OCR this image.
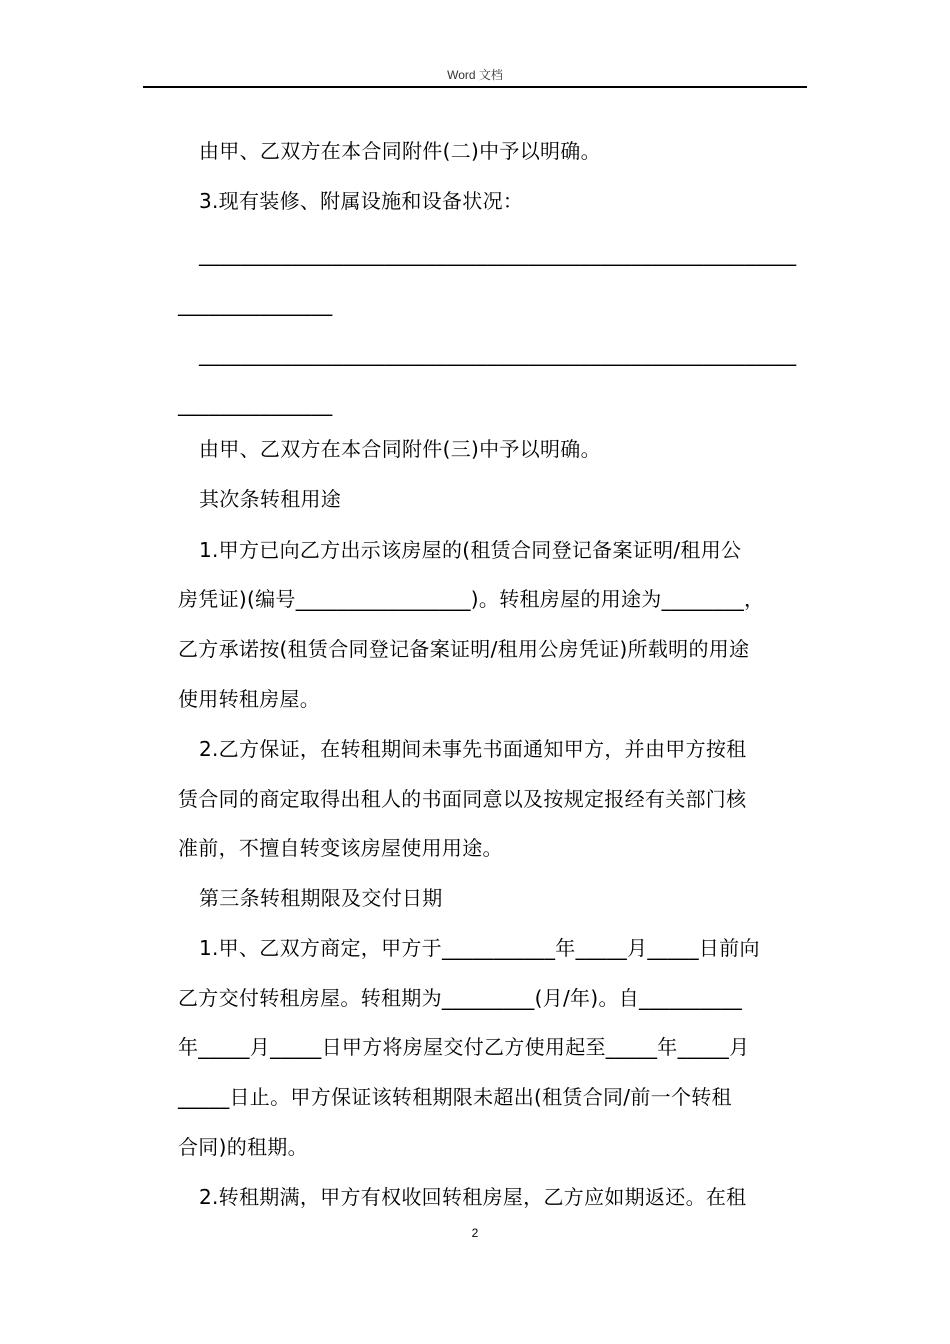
Word 文档
由甲、乙双方在本合同附件(二)中予以明确。
3.现有装修、附属设施和设备状况：
__________________________________________________________
_______________
__________________________________________________________
_______________
由甲、乙双方在本合同附件(三)中予以明确。
其次条转租用途
1.甲方已向乙方出示该房屋的(租赁合同登记备案证明/租用公
房凭证)(编号_________________)。转租房屋的用途为________，
乙方承诺按(租赁合同登记备案证明/租用公房凭证)所载明的用途
使用转租房屋。
2.乙方保证，在转租期间未事先书面通知甲方，并由甲方按租
赁合同的商定取得出租人的书面同意以及按规定报经有关部门核
准前，不擅自转变该房屋使用用途。
第三条转租期限及交付日期
1.甲、乙双方商定，甲方于___________年_____月_____日前向
乙方交付转租房屋。转租期为_________(月/年)。自__________
年_____月_____日甲方将房屋交付乙方使用起至_____年_____月
_____日止。甲方保证该转租期限未超出(租赁合同/前一个转租
合同)的租期。
2.转租期满，甲方有权收回转租房屋，乙方应如期返还。在租
2
